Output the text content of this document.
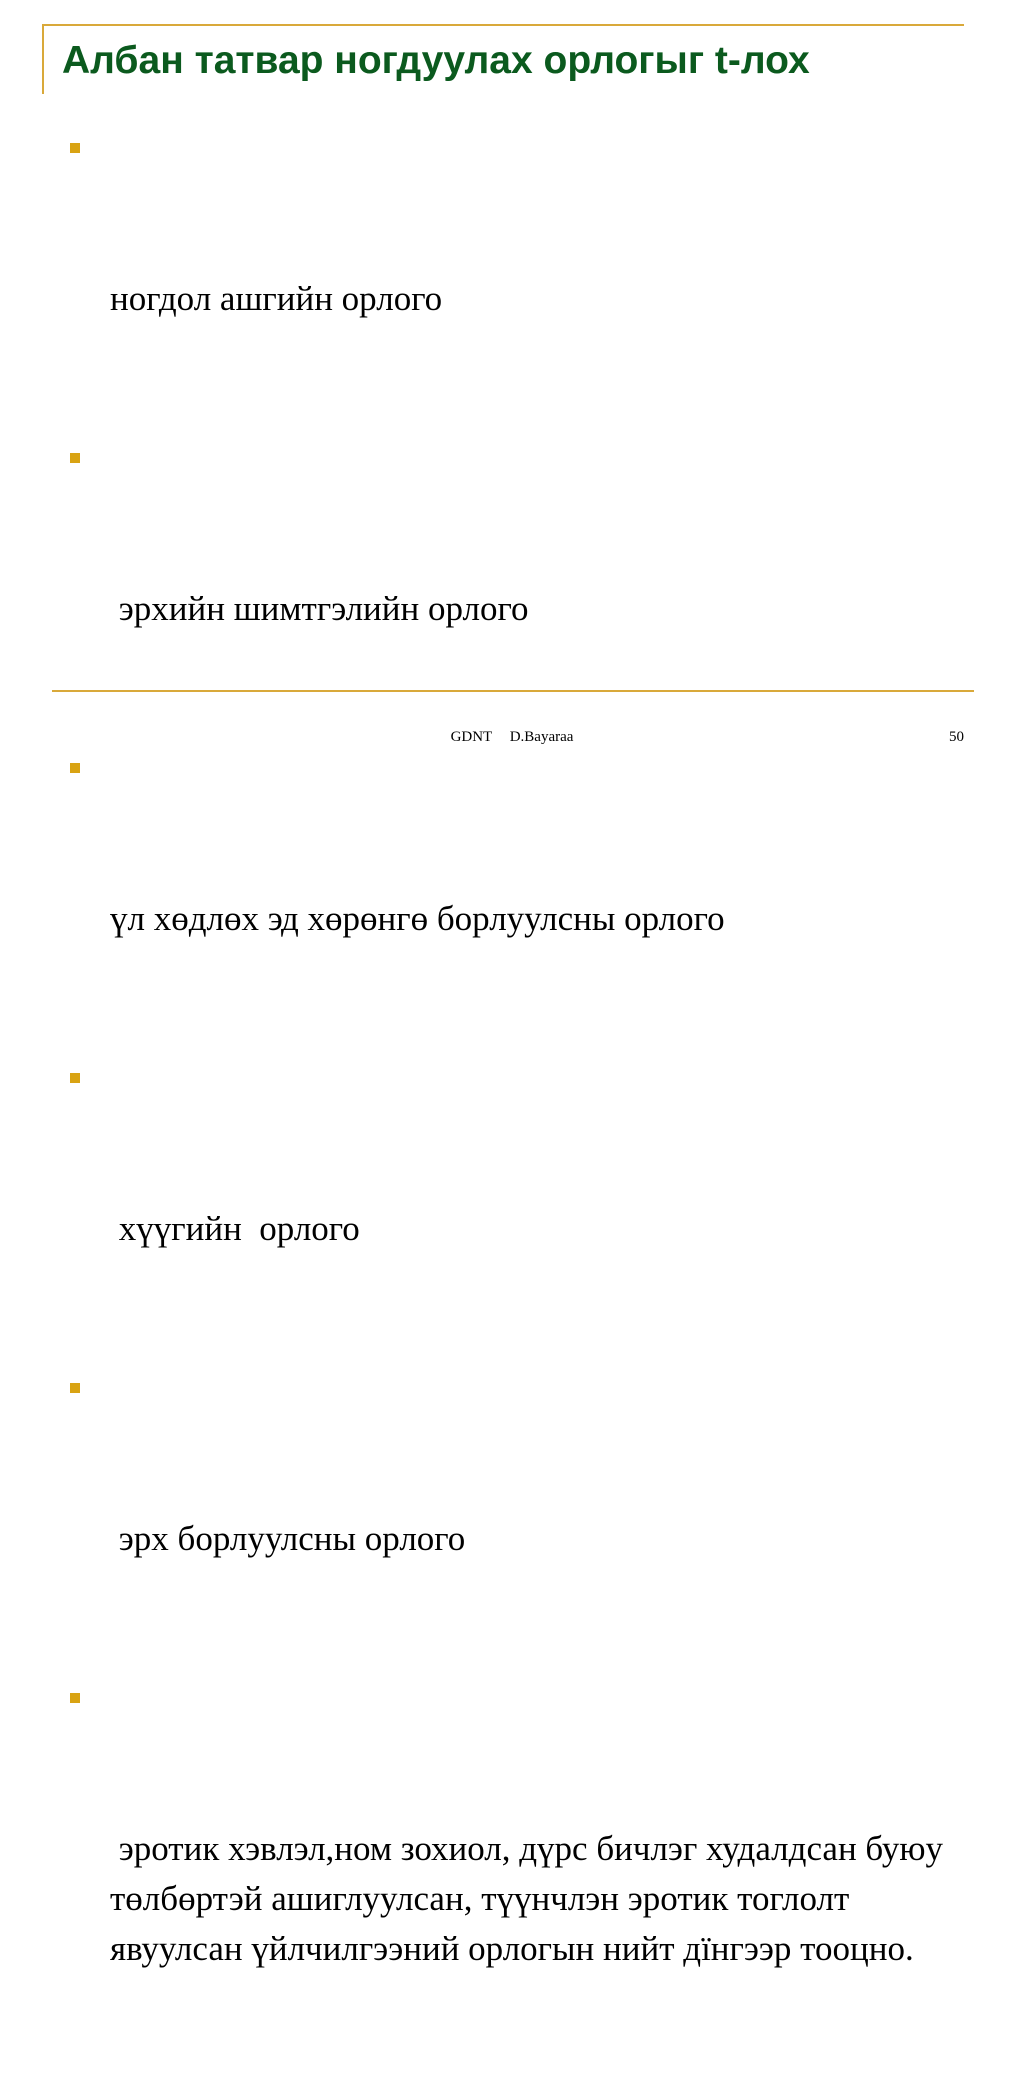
Албан татвар ногдуулах орлогыг t-лох

ногдол ашгийн орлого

эрхийн шимтгэлийн орлого

үл хөдлөх эд хөрөнгө борлуулсны орлого

хүүгийн  орлого

эрх борлуулсны орлого

эротик хэвлэл,ном зохиол, дүрс бичлэг худалдсан буюу төлбөртэй ашиглуулсан, түүнчлэн эротик тоглолт явуулсан үйлчилгээний орлогын нийт дїнгээр тооцно.

GDNT D.Bayaraa	50
